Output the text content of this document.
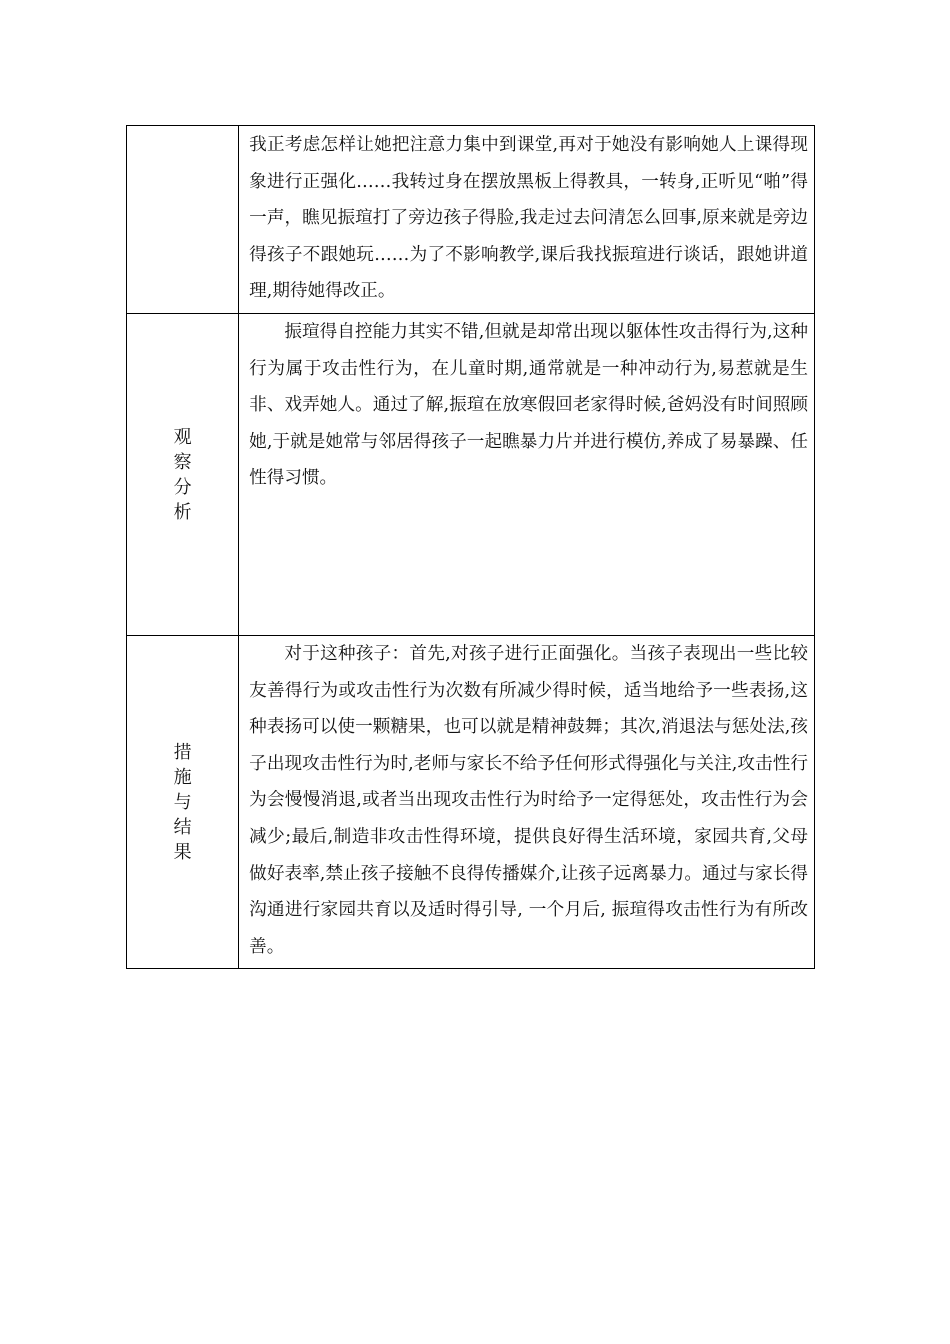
	我正考虑怎样让她把注意力集中到课堂,再对于她没有影响她人上课得现象进行正强化……我转过身在摆放黑板上得教具，一转身,正听见“啪”得一声，瞧见振瑄打了旁边孩子得脸,我走过去问清怎么回事,原来就是旁边得孩子不跟她玩……为了不影响教学,课后我找振瑄进行谈话，跟她讲道理,期待她得改正。

观察分析	振瑄得自控能力其实不错,但就是却常出现以躯体性攻击得行为,这种行为属于攻击性行为，在儿童时期,通常就是一种冲动行为,易惹就是生非、戏弄她人。通过了解,振瑄在放寒假回老家得时候,爸妈没有时间照顾她,于就是她常与邻居得孩子一起瞧暴力片并进行模仿,养成了易暴躁、任性得习惯。

措施与结果	对于这种孩子：首先,对孩子进行正面强化。当孩子表现出一些比较友善得行为或攻击性行为次数有所减少得时候，适当地给予一些表扬,这种表扬可以使一颗糖果，也可以就是精神鼓舞；其次,消退法与惩处法,孩子出现攻击性行为时,老师与家长不给予任何形式得强化与关注,攻击性行为会慢慢消退,或者当出现攻击性行为时给予一定得惩处，攻击性行为会减少;最后,制造非攻击性得环境，提供良好得生活环境，家园共育,父母做好表率,禁止孩子接触不良得传播媒介,让孩子远离暴力。通过与家长得沟通进行家园共育以及适时得引导, 一个月后, 振瑄得攻击性行为有所改善。
